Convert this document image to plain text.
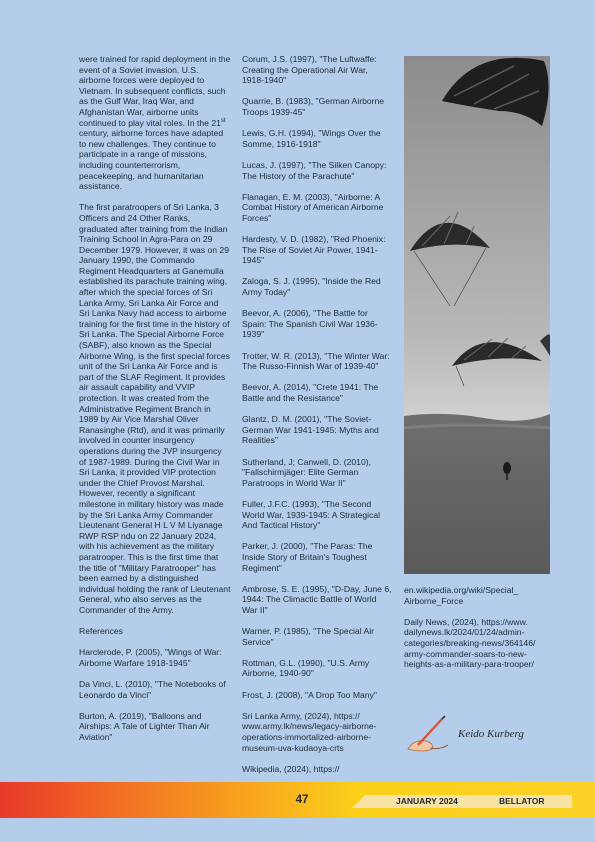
were trained for rapid deployment in the event of a Soviet invasion. U.S. airborne forces were deployed to Vietnam. In subsequent conflicts, such as the Gulf War, Iraq War, and Afghanistan War, airborne units continued to play vital roles. In the 21st century, airborne forces have adapted to new challenges. They continue to participate in a range of missions, including counterterrorism, peacekeeping, and humanitarian assistance.

The first paratroopers of Sri Lanka, 3 Officers and 24 Other Ranks, graduated after training from the Indian Training School in Agra-Para on 29 December 1979. However, it was on 29 January 1990, the Commando Regiment Headquarters at Ganemulla established its parachute training wing, after which the special forces of Sri Lanka Army, Sri Lanka Air Force and Sri Lanka Navy had access to airborne training for the first time in the history of Sri Lanka. The Special Airborne Force (SABF), also known as the Special Airborne Wing, is the first special forces unit of the Sri Lanka Air Force and is part of the SLAF Regiment. It provides air assault capability and VVIP protection. It was created from the Administrative Regiment Branch in 1989 by Air Vice Marshal Oliver Ranasinghe (Rtd), and it was primarily involved in counter insurgency operations during the JVP insurgency of 1987-1989. During the Civil War in Sri Lanka, it provided VIP protection under the Chief Provost Marshal. However, recently a significant milestone in military history was made by the Sri Lanka Army Commander Lieutenant General H L V M Liyanage RWP RSP ndu on 22 January 2024, with his achievement as the military paratrooper. This is the first time that the title of "Military Paratrooper" has been earned by a distinguished individual holding the rank of Lieutenant General, who also serves as the Commander of the Army.

References

Harclerode, P. (2005), "Wings of War: Airborne Warfare 1918-1945"

Da Vinci, L. (2010), "The Notebooks of Leonardo da Vinci"

Burton, A. (2019), "Balloons and Airships: A Tale of Lighter Than Air Aviation"

Corum, J.S. (1997), "The Luftwaffe: Creating the Operational Air War, 1918-1940"

Quarrie, B. (1983), "German Airborne Troops 1939-45"

Lewis, G.H. (1994), "Wings Over the Somme, 1916-1918"

Lucas, J. (1997), "The Silken Canopy: The History of the Parachute"

Flanagan, E. M. (2003), "Airborne: A Combat History of American Airborne Forces"

Hardesty, V. D. (1982), "Red Phoenix: The Rise of Soviet Air Power, 1941-1945"

Zaloga, S. J. (1995), "Inside the Red Army Today"

Beevor, A. (2006), "The Battle for Spain: The Spanish Civil War 1936-1939"

Trotter, W. R. (2013), "The Winter War: The Russo-Finnish War of 1939-40"

Beevor, A. (2014), "Crete 1941: The Battle and the Resistance"

Glantz, D. M. (2001), "The Soviet-German War 1941-1945: Myths and Realities"

Sutherland, J; Canwell, D. (2010), "Fallschirmjäger: Elite German Paratroops in World War II"

Fuller, J.F.C. (1993), "The Second World War, 1939-1945: A Strategical And Tactical History"

Parker, J. (2000), "The Paras: The Inside Story of Britain's Toughest Regiment"

Ambrose, S. E. (1995), "D-Day, June 6, 1944: The Climactic Battle of World War II"

Warner, P. (1985), "The Special Air Service"

Rottman, G.L. (1990), "U.S. Army Airborne, 1940-90"

Frost, J. (2008), "A Drop Too Many"

Sri Lanka Army, (2024), https://
www.army.lk/news/legacy-airborne-
operations-immortalized-airborne-
museum-uva-kudaoya-crts

Wikipedia, (2024), https://

en.wikipedia.org/wiki/Special_
Airborne_Force

Daily News, (2024), https://www.
dailynews.lk/2024/01/24/admin-
categories/breaking-news/364146/
army-commander-soars-to-new-
heights-as-a-military-para-trooper/

Keido Kurberg
47	JANUARY 2024	BELLATOR
